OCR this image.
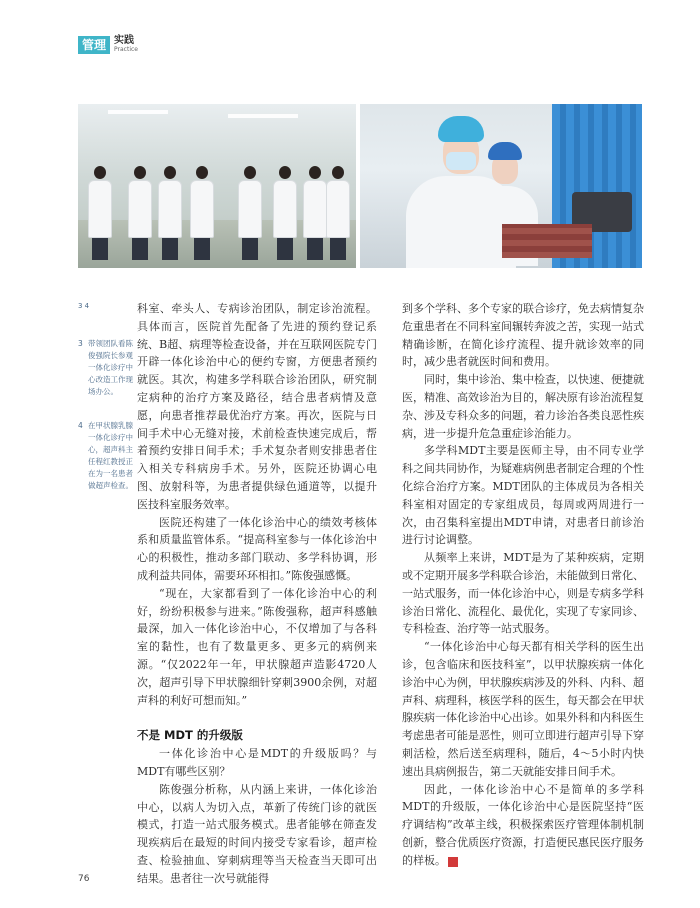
管理 实践
Practice
3 4
3 带领团队看陈俊强院长参观一体化诊疗中心改造工作现场办公。
4 在甲状腺乳腺一体化诊疗中心，超声科主任程红教授正在为一名患者做超声检查。

科室、牵头人、专病诊治团队，制定诊治流程。具体而言，医院首先配备了先进的预约登记系统、B超、病理等检查设备，并在互联网医院专门开辟一体化诊治中心的便约专窗，方便患者预约就医。其次，构建多学科联合诊治团队，研究制定病种的治疗方案及路径，结合患者病情及意愿，向患者推荐最优治疗方案。再次，医院与日间手术中心无缝对接，术前检查快速完成后，帮着预约安排日间手术；手术复杂者则安排患者住入相关专科病房手术。另外，医院还协调心电图、放射科等，为患者提供绿色通道等，以提升医技科室服务效率。

医院还构建了一体化诊治中心的绩效考核体系和质量监管体系。“提高科室参与一体化诊治中心的积极性，推动多部门联动、多学科协调，形成利益共同体，需要环环相扣。”陈俊强感慨。

“现在，大家都看到了一体化诊治中心的利好，纷纷积极参与进来。”陈俊强称，超声科感触最深，加入一体化诊治中心，不仅增加了与各科室的黏性，也有了数量更多、更多元的病例来源。“仅2022年一年，甲状腺超声造影4720人次，超声引导下甲状腺细针穿刺3900余例，对超声科的利好可想而知。”

不是 MDT 的升级版

一体化诊治中心是MDT的升级版吗？与MDT有哪些区别？

陈俊强分析称，从内涵上来讲，一体化诊治中心，以病人为切入点，革新了传统门诊的就医模式，打造一站式服务模式。患者能够在筛查发现疾病后在最短的时间内接受专家看诊，超声检查、检验抽血、穿刺病理等当天检查当天即可出结果。患者往一次号就能得

到多个学科、多个专家的联合诊疗，免去病情复杂危重患者在不同科室间辗转奔波之苦，实现一站式精确诊断，在简化诊疗流程、提升就诊效率的同时，减少患者就医时间和费用。

同时，集中诊治、集中检查，以快速、便捷就医，精准、高效诊治为目的，解决原有诊治流程复杂、涉及专科众多的问题，着力诊治各类良恶性疾病，进一步提升危急重症诊治能力。

多学科MDT主要是医师主导，由不同专业学科之间共同协作，为疑难病例患者制定合理的个性化综合治疗方案。MDT团队的主体成员为各相关科室相对固定的专家组成员，每周或两周进行一次，由召集科室提出MDT申请，对患者日前诊治进行讨论调整。

从频率上来讲，MDT是为了某种疾病，定期或不定期开展多学科联合诊治，未能做到日常化、一站式服务，而一体化诊治中心，则是专病多学科诊治日常化、流程化、最优化，实现了专家同诊、专科检查、治疗等一站式服务。

“一体化诊治中心每天都有相关学科的医生出诊，包含临床和医技科室”，以甲状腺疾病一体化诊治中心为例，甲状腺疾病涉及的外科、内科、超声科、病理科，核医学科的医生，每天都会在甲状腺疾病一体化诊治中心出诊。如果外科和内科医生考虑患者可能是恶性，则可立即进行超声引导下穿刺活检，然后送至病理科，随后，4～5小时内快速出具病例报告，第二天就能安排日间手术。

因此，一体化诊治中心不是简单的多学科MDT的升级版，一体化诊治中心是医院坚持“医疗调结构”改革主线，积极探索医疗管理体制机制创新，整合优质医疗资源，打造便民惠民医疗服务的样板。	S

76
